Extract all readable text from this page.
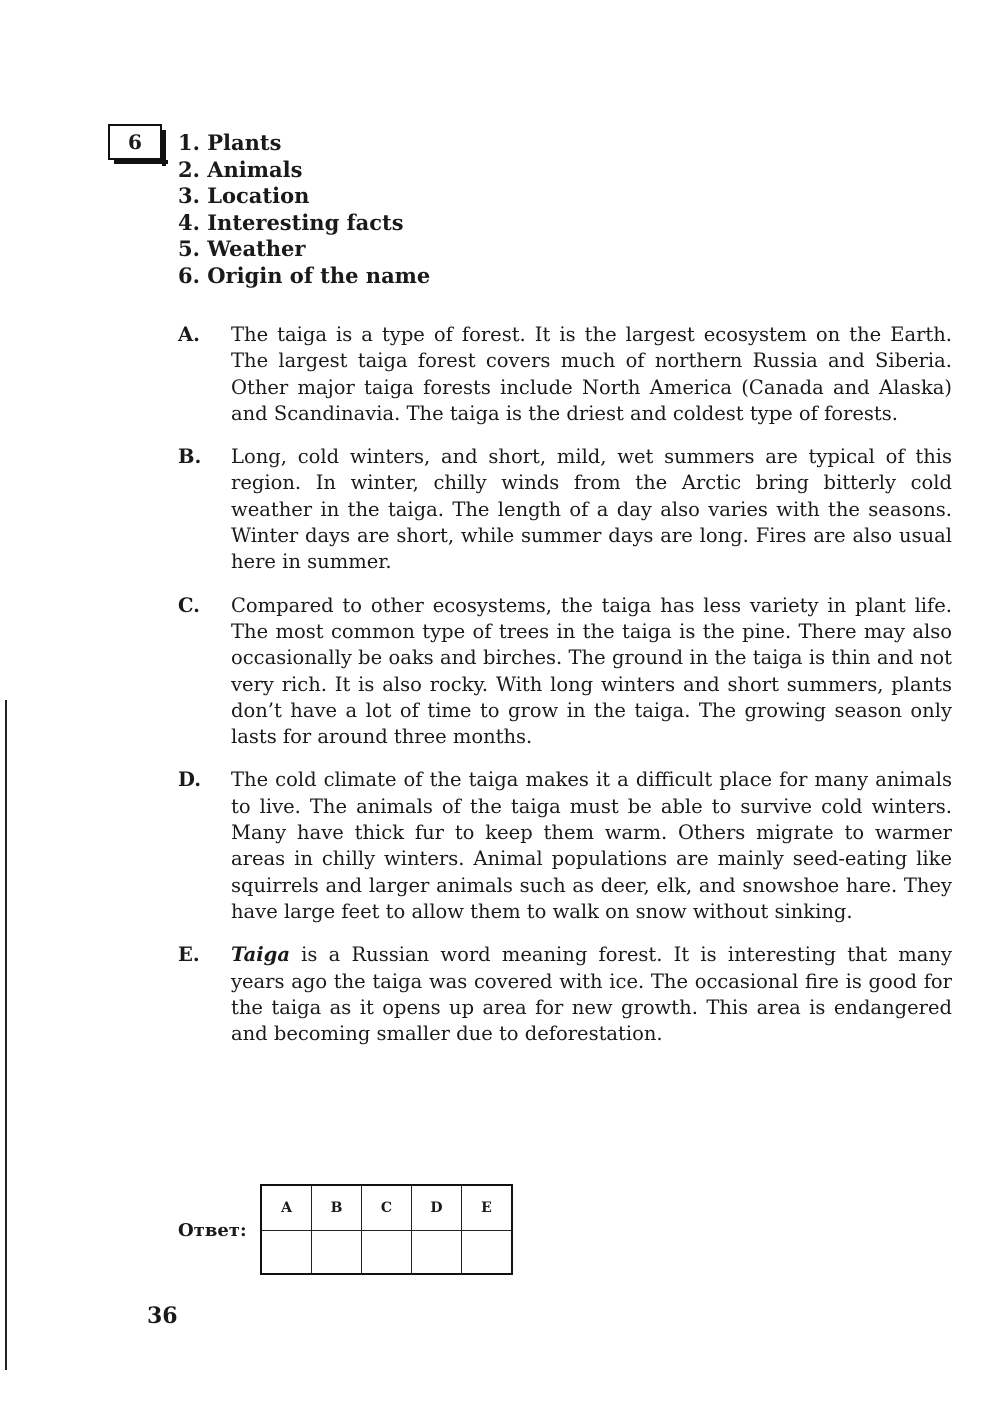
6 1. Plants
2. Animals
3. Location
4. Interesting facts
5. Weather
6. Origin of the name
A. The taiga is a type of forest. It is the largest ecosystem on the Earth. The largest taiga forest covers much of northern Russia and Siberia. Other major taiga forests include North America (Canada and Alaska) and Scandinavia. The taiga is the driest and coldest type of forests.
B. Long, cold winters, and short, mild, wet summers are typical of this region. In winter, chilly winds from the Arctic bring bitterly cold weather in the taiga. The length of a day also varies with the seasons. Winter days are short, while summer days are long. Fires are also usual here in summer.
C. Compared to other ecosystems, the taiga has less variety in plant life. The most common type of trees in the taiga is the pine. There may also occasionally be oaks and birches. The ground in the taiga is thin and not very rich. It is also rocky. With long winters and short summers, plants don’t have a lot of time to grow in the taiga. The growing season only lasts for around three months.
D. The cold climate of the taiga makes it a difficult place for many animals to live. The animals of the taiga must be able to survive cold winters. Many have thick fur to keep them warm. Others migrate to warmer areas in chilly winters. Animal populations are mainly seed-eating like squirrels and larger animals such as deer, elk, and snowshoe hare. They have large feet to allow them to walk on snow without sinking.
E. Taiga is a Russian word meaning forest. It is interesting that many years ago the taiga was covered with ice. The occasional fire is good for the taiga as it opens up area for new growth. This area is endangered and becoming smaller due to deforestation.
Ответ:
A	B	C	D	E

36
